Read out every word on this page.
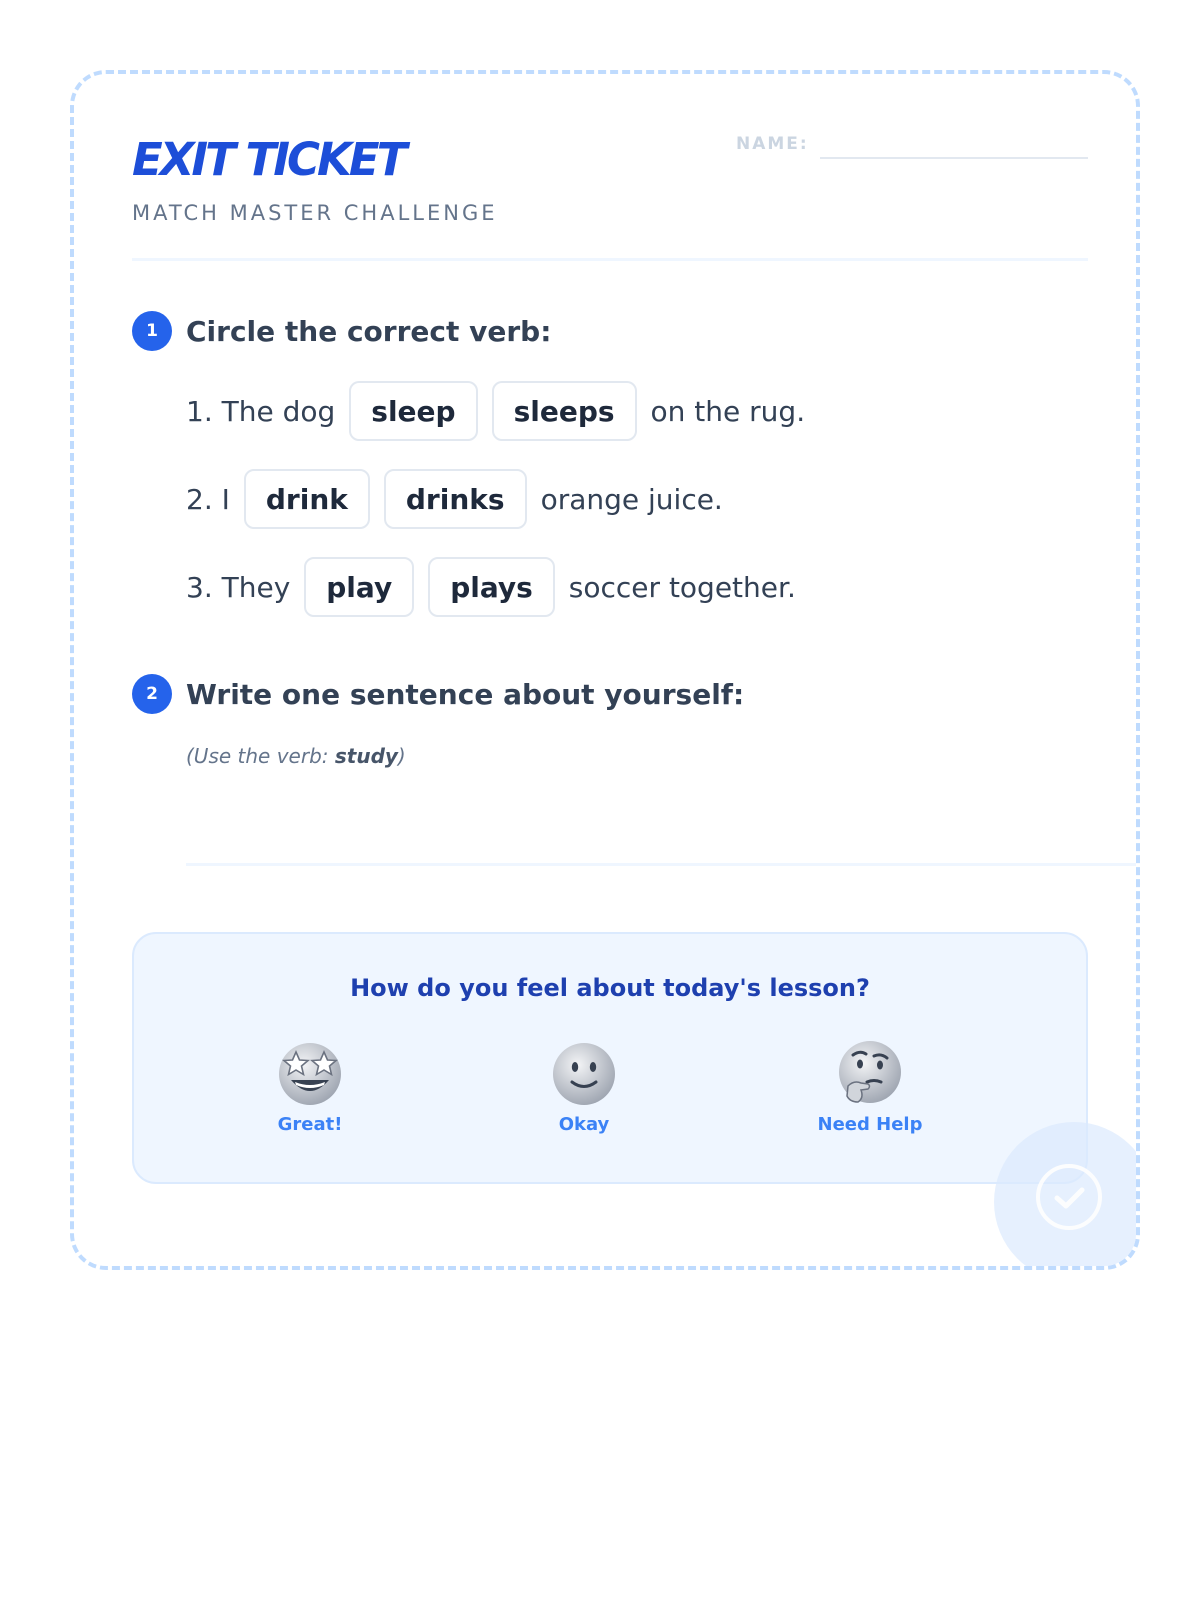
EXIT TICKET
MATCH MASTER CHALLENGE
NAME:
1	Circle the correct verb:
1. The dog	sleep	sleeps	on the rug.
2. I	drink	drinks	orange juice.
3. They	play	plays	soccer together.
2	Write one sentence about yourself:
(Use the verb: study)
How do you feel about today's lesson?
Great!	Okay	Need Help
